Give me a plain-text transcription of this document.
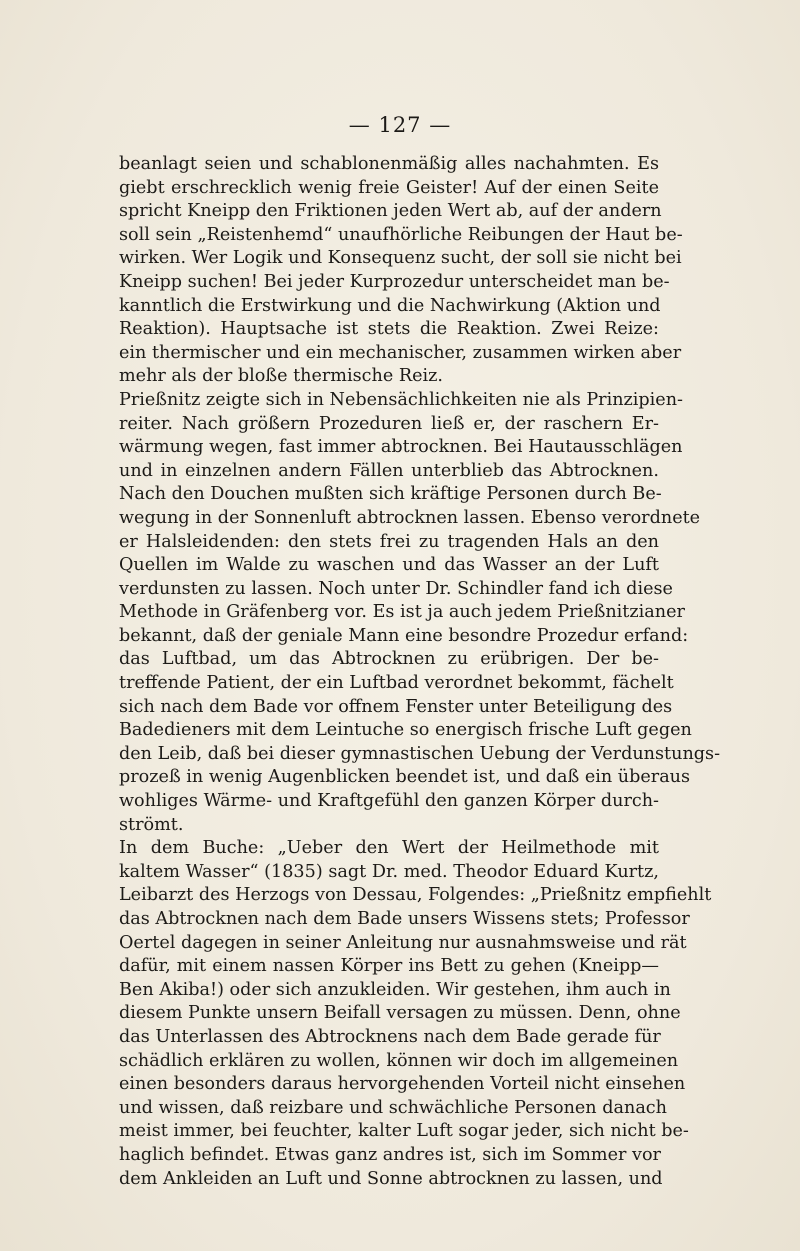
— 127 —
beanlagt seien und schablonenmäßig alles nachahmten. Es
giebt erschrecklich wenig freie Geister! Auf der einen Seite
spricht Kneipp den Friktionen jeden Wert ab, auf der andern
soll sein „Reistenhemd“ unaufhörliche Reibungen der Haut be-
wirken. Wer Logik und Konsequenz sucht, der soll sie nicht bei
Kneipp suchen! Bei jeder Kurprozedur unterscheidet man be-
kanntlich die Erstwirkung und die Nachwirkung (Aktion und
Reaktion). Hauptsache ist stets die Reaktion. Zwei Reize:
ein thermischer und ein mechanischer, zusammen wirken aber
mehr als der bloße thermische Reiz.
Prießnitz zeigte sich in Nebensächlichkeiten nie als Prinzipien-
reiter. Nach größern Prozeduren ließ er, der raschern Er-
wärmung wegen, fast immer abtrocknen. Bei Hautausschlägen
und in einzelnen andern Fällen unterblieb das Abtrocknen.
Nach den Douchen mußten sich kräftige Personen durch Be-
wegung in der Sonnenluft abtrocknen lassen. Ebenso verordnete
er Halsleidenden: den stets frei zu tragenden Hals an den
Quellen im Walde zu waschen und das Wasser an der Luft
verdunsten zu lassen. Noch unter Dr. Schindler fand ich diese
Methode in Gräfenberg vor. Es ist ja auch jedem Prießnitzianer
bekannt, daß der geniale Mann eine besondre Prozedur erfand:
das Luftbad, um das Abtrocknen zu erübrigen. Der be-
treffende Patient, der ein Luftbad verordnet bekommt, fächelt
sich nach dem Bade vor offnem Fenster unter Beteiligung des
Badedieners mit dem Leintuche so energisch frische Luft gegen
den Leib, daß bei dieser gymnastischen Uebung der Verdunstungs-
prozeß in wenig Augenblicken beendet ist, und daß ein überaus
wohliges Wärme- und Kraftgefühl den ganzen Körper durch-
strömt.
In dem Buche: „Ueber den Wert der Heilmethode mit
kaltem Wasser“ (1835) sagt Dr. med. Theodor Eduard Kurtz,
Leibarzt des Herzogs von Dessau, Folgendes: „Prießnitz empfiehlt
das Abtrocknen nach dem Bade unsers Wissens stets; Professor
Oertel dagegen in seiner Anleitung nur ausnahmsweise und rät
dafür, mit einem nassen Körper ins Bett zu gehen (Kneipp—
Ben Akiba!) oder sich anzukleiden. Wir gestehen, ihm auch in
diesem Punkte unsern Beifall versagen zu müssen. Denn, ohne
das Unterlassen des Abtrocknens nach dem Bade gerade für
schädlich erklären zu wollen, können wir doch im allgemeinen
einen besonders daraus hervorgehenden Vorteil nicht einsehen
und wissen, daß reizbare und schwächliche Personen danach
meist immer, bei feuchter, kalter Luft sogar jeder, sich nicht be-
haglich befindet. Etwas ganz andres ist, sich im Sommer vor
dem Ankleiden an Luft und Sonne abtrocknen zu lassen, und
